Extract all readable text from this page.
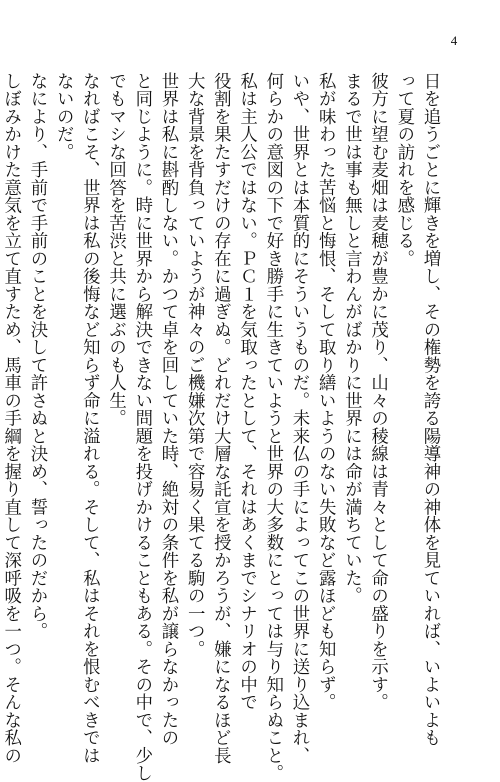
4
日を追うごとに輝きを増し、その権勢を誇る陽導神の神体を見ていれば、いよいよも
って夏の訪れを感じる。
彼方に望む麦畑は麦穂が豊かに茂り、山々の稜線は青々として命の盛りを示す。
まるで世は事も無しと言わんがばかりに世界には命が満ちていた。
私が味わった苦悩と悔恨、そして取り繕いようのない失敗など露ほども知らず。
いや、世界とは本質的にそういうものだ。未来仏の手によってこの世界に送り込まれ、
何らかの意図の下で好き勝手に生きていようと世界の大多数にとっては与り知らぬこと。
私は主人公ではない。ＰＣ１を気取ったとして、それはあくまでシナリオの中で
役割を果たすだけの存在に過ぎぬ。どれだけ大層な託宣を授かろうが、嫌になるほど長
大な背景を背負っていようが神々のご機嫌次第で容易く果てる駒の一つ。
世界は私に斟酌しない。かつて卓を回していた時、絶対の条件を私が譲らなかったの
と同じように。時に世界から解決できない問題を投げかけることもある。その中で、少し
でもマシな回答を苦渋と共に選ぶのも人生。
なればこそ、世界は私の後悔など知らず命に溢れる。そして、私はそれを恨むべきでは
ないのだ。
なにより、手前で手前のことを決して許さぬと決め、誓ったのだから。
しぼみかけた意気を立て直すため、馬車の手綱を握り直して深呼吸を一つ。そんな私の
